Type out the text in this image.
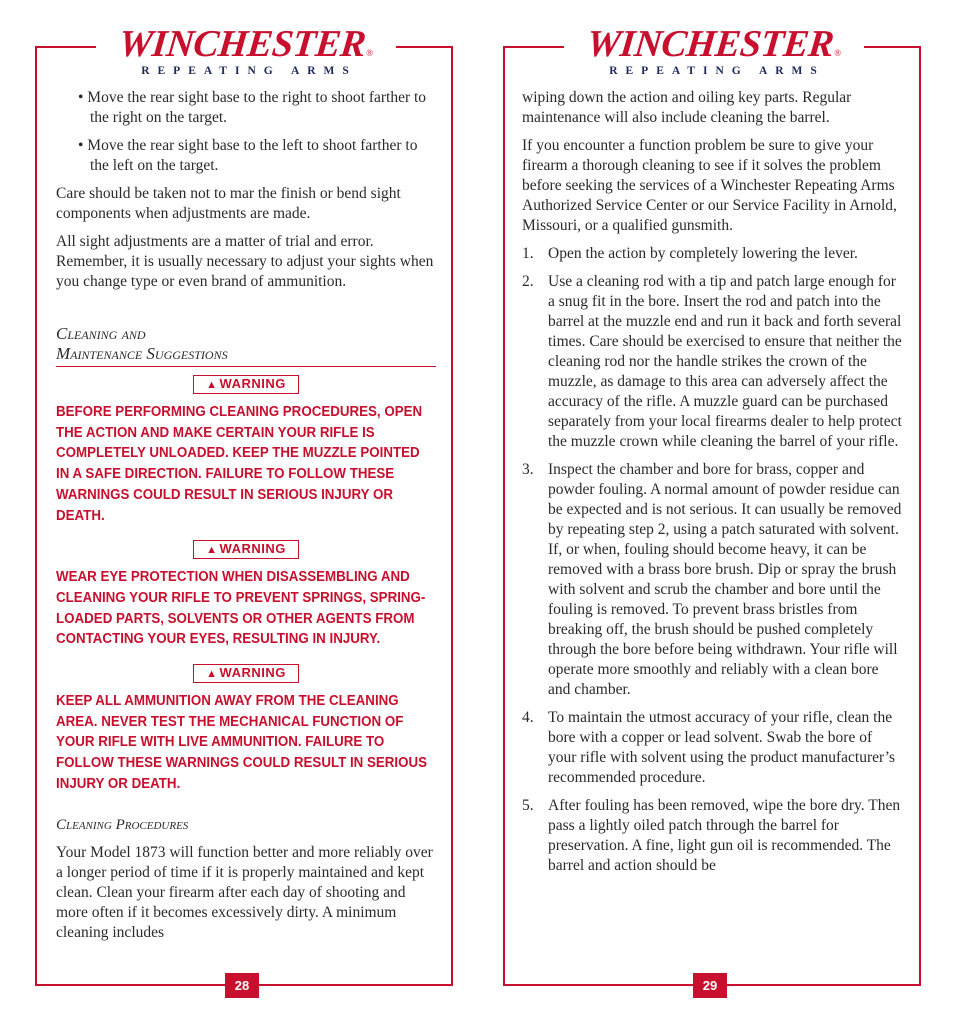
$WINCHESTER_®$
REPEATING ARMS

• Move the rear sight base to the right to shoot farther to the right on the target.

• Move the rear sight base to the left to shoot farther to the left on the target.

Care should be taken not to mar the finish or bend sight components when adjustments are made.

All sight adjustments are a matter of trial and error. Remember, it is usually necessary to adjust your sights when you change type or even brand of ammunition.

Cleaning and
Maintenance Suggestions
▲ WARNING
BEFORE PERFORMING CLEANING PROCEDURES, OPEN THE ACTION AND MAKE CERTAIN YOUR RIFLE IS COMPLETELY UNLOADED. KEEP THE MUZZLE POINTED IN A SAFE DIRECTION. FAILURE TO FOLLOW THESE WARNINGS COULD RESULT IN SERIOUS INJURY OR DEATH.
▲ WARNING
WEAR EYE PROTECTION WHEN DISASSEMBLING AND CLEANING YOUR RIFLE TO PREVENT SPRINGS, SPRING-LOADED PARTS, SOLVENTS OR OTHER AGENTS FROM CONTACTING YOUR EYES, RESULTING IN INJURY.
▲ WARNING
KEEP ALL AMMUNITION AWAY FROM THE CLEANING AREA. NEVER TEST THE MECHANICAL FUNCTION OF YOUR RIFLE WITH LIVE AMMUNITION. FAILURE TO FOLLOW THESE WARNINGS COULD RESULT IN SERIOUS INJURY OR DEATH.
Cleaning Procedures

Your Model 1873 will function better and more reliably over a longer period of time if it is properly maintained and kept clean. Clean your firearm after each day of shooting and more often if it becomes excessively dirty. A minimum cleaning includes

28
$WINCHESTER_®$
REPEATING ARMS

wiping down the action and oiling key parts. Regular maintenance will also include cleaning the barrel.

If you encounter a function problem be sure to give your firearm a thorough cleaning to see if it solves the problem before seeking the services of a Winchester Repeating Arms Authorized Service Center or our Service Facility in Arnold, Missouri, or a qualified gunsmith.

1. Open the action by completely lowering the lever.
2. Use a cleaning rod with a tip and patch large enough for a snug fit in the bore. Insert the rod and patch into the barrel at the muzzle end and run it back and forth several times. Care should be exercised to ensure that neither the cleaning rod nor the handle strikes the crown of the muzzle, as damage to this area can adversely affect the accuracy of the rifle. A muzzle guard can be purchased separately from your local firearms dealer to help protect the muzzle crown while cleaning the barrel of your rifle.
3. Inspect the chamber and bore for brass, copper and powder fouling. A normal amount of powder residue can be expected and is not serious. It can usually be removed by repeating step 2, using a patch saturated with solvent. If, or when, fouling should become heavy, it can be removed with a brass bore brush. Dip or spray the brush with solvent and scrub the chamber and bore until the fouling is removed. To prevent brass bristles from breaking off, the brush should be pushed completely through the bore before being withdrawn. Your rifle will operate more smoothly and reliably with a clean bore and chamber.
4. To maintain the utmost accuracy of your rifle, clean the bore with a copper or lead solvent. Swab the bore of your rifle with solvent using the product manufacturer’s recommended procedure.
5. After fouling has been removed, wipe the bore dry. Then pass a lightly oiled patch through the barrel for preservation. A fine, light gun oil is recommended. The barrel and action should be
29
